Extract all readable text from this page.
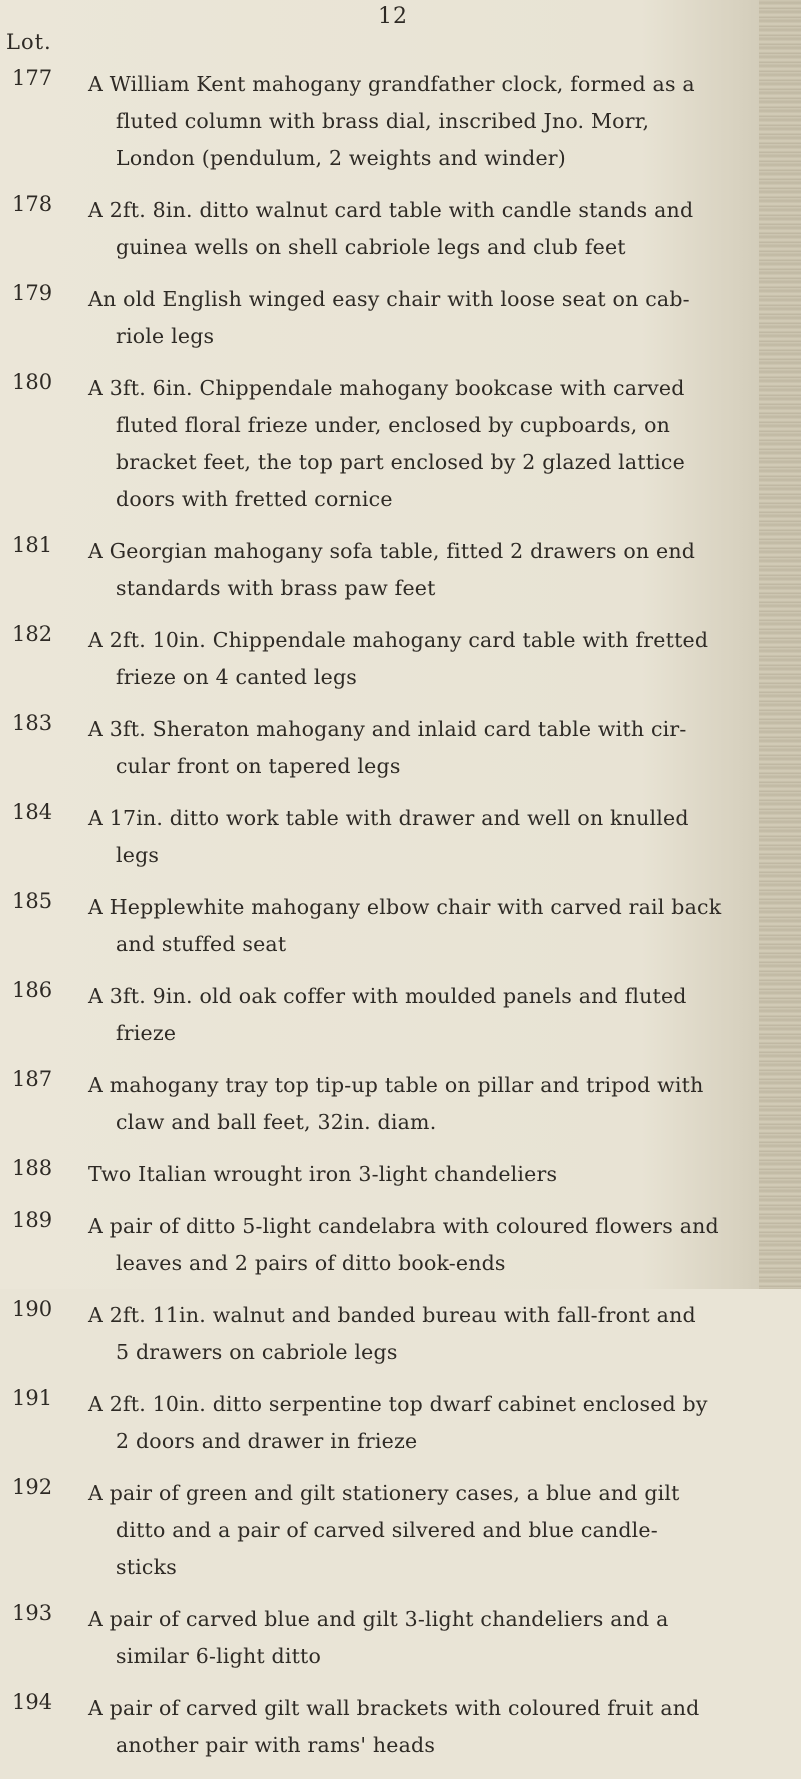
12
Lot.
177	A William Kent mahogany grandfather clock, formed as a
fluted column with brass dial, inscribed Jno. Morr,
London (pendulum, 2 weights and winder)
178	A 2ft. 8in. ditto walnut card table with candle stands and
guinea wells on shell cabriole legs and club feet
179	An old English winged easy chair with loose seat on cab-
riole legs
180	A 3ft. 6in. Chippendale mahogany bookcase with carved
fluted floral frieze under, enclosed by cupboards, on
bracket feet, the top part enclosed by 2 glazed lattice
doors with fretted cornice
181	A Georgian mahogany sofa table, fitted 2 drawers on end
standards with brass paw feet
182	A 2ft. 10in. Chippendale mahogany card table with fretted
frieze on 4 canted legs
183	A 3ft. Sheraton mahogany and inlaid card table with cir-
cular front on tapered legs
184	A 17in. ditto work table with drawer and well on knulled
legs
185	A Hepplewhite mahogany elbow chair with carved rail back
and stuffed seat
186	A 3ft. 9in. old oak coffer with moulded panels and fluted
frieze
187	A mahogany tray top tip-up table on pillar and tripod with
claw and ball feet, 32in. diam.
188	Two Italian wrought iron 3-light chandeliers
189	A pair of ditto 5-light candelabra with coloured flowers and
leaves and 2 pairs of ditto book-ends
190	A 2ft. 11in. walnut and banded bureau with fall-front and
5 drawers on cabriole legs
191	A 2ft. 10in. ditto serpentine top dwarf cabinet enclosed by
2 doors and drawer in frieze
192	A pair of green and gilt stationery cases, a blue and gilt
ditto and a pair of carved silvered and blue candle-
sticks
193	A pair of carved blue and gilt 3-light chandeliers and a
similar 6-light ditto
194	A pair of carved gilt wall brackets with coloured fruit and
another pair with rams' heads
